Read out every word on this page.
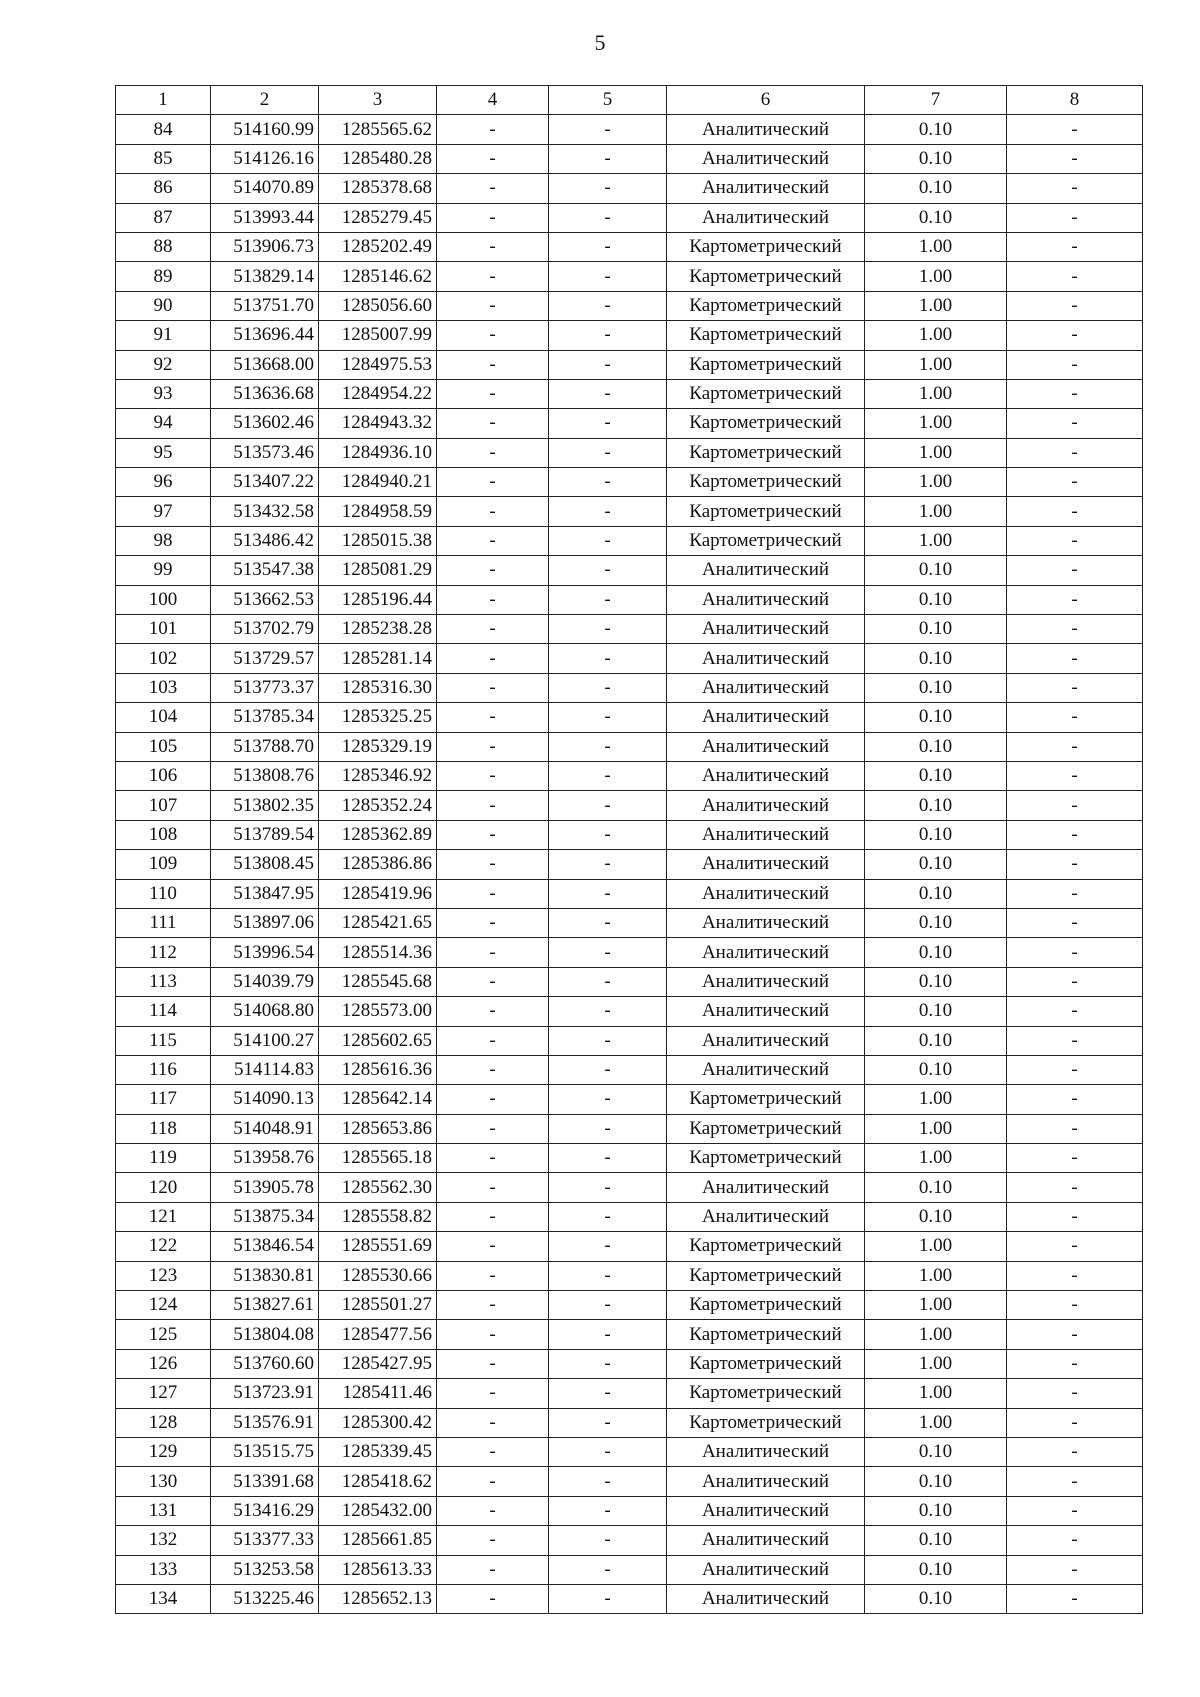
5
1	2	3	4	5	6	7	8
84	514160.99	1285565.62	-	-	Аналитический	0.10	-
85	514126.16	1285480.28	-	-	Аналитический	0.10	-
86	514070.89	1285378.68	-	-	Аналитический	0.10	-
87	513993.44	1285279.45	-	-	Аналитический	0.10	-
88	513906.73	1285202.49	-	-	Картометрический	1.00	-
89	513829.14	1285146.62	-	-	Картометрический	1.00	-
90	513751.70	1285056.60	-	-	Картометрический	1.00	-
91	513696.44	1285007.99	-	-	Картометрический	1.00	-
92	513668.00	1284975.53	-	-	Картометрический	1.00	-
93	513636.68	1284954.22	-	-	Картометрический	1.00	-
94	513602.46	1284943.32	-	-	Картометрический	1.00	-
95	513573.46	1284936.10	-	-	Картометрический	1.00	-
96	513407.22	1284940.21	-	-	Картометрический	1.00	-
97	513432.58	1284958.59	-	-	Картометрический	1.00	-
98	513486.42	1285015.38	-	-	Картометрический	1.00	-
99	513547.38	1285081.29	-	-	Аналитический	0.10	-
100	513662.53	1285196.44	-	-	Аналитический	0.10	-
101	513702.79	1285238.28	-	-	Аналитический	0.10	-
102	513729.57	1285281.14	-	-	Аналитический	0.10	-
103	513773.37	1285316.30	-	-	Аналитический	0.10	-
104	513785.34	1285325.25	-	-	Аналитический	0.10	-
105	513788.70	1285329.19	-	-	Аналитический	0.10	-
106	513808.76	1285346.92	-	-	Аналитический	0.10	-
107	513802.35	1285352.24	-	-	Аналитический	0.10	-
108	513789.54	1285362.89	-	-	Аналитический	0.10	-
109	513808.45	1285386.86	-	-	Аналитический	0.10	-
110	513847.95	1285419.96	-	-	Аналитический	0.10	-
111	513897.06	1285421.65	-	-	Аналитический	0.10	-
112	513996.54	1285514.36	-	-	Аналитический	0.10	-
113	514039.79	1285545.68	-	-	Аналитический	0.10	-
114	514068.80	1285573.00	-	-	Аналитический	0.10	-
115	514100.27	1285602.65	-	-	Аналитический	0.10	-
116	514114.83	1285616.36	-	-	Аналитический	0.10	-
117	514090.13	1285642.14	-	-	Картометрический	1.00	-
118	514048.91	1285653.86	-	-	Картометрический	1.00	-
119	513958.76	1285565.18	-	-	Картометрический	1.00	-
120	513905.78	1285562.30	-	-	Аналитический	0.10	-
121	513875.34	1285558.82	-	-	Аналитический	0.10	-
122	513846.54	1285551.69	-	-	Картометрический	1.00	-
123	513830.81	1285530.66	-	-	Картометрический	1.00	-
124	513827.61	1285501.27	-	-	Картометрический	1.00	-
125	513804.08	1285477.56	-	-	Картометрический	1.00	-
126	513760.60	1285427.95	-	-	Картометрический	1.00	-
127	513723.91	1285411.46	-	-	Картометрический	1.00	-
128	513576.91	1285300.42	-	-	Картометрический	1.00	-
129	513515.75	1285339.45	-	-	Аналитический	0.10	-
130	513391.68	1285418.62	-	-	Аналитический	0.10	-
131	513416.29	1285432.00	-	-	Аналитический	0.10	-
132	513377.33	1285661.85	-	-	Аналитический	0.10	-
133	513253.58	1285613.33	-	-	Аналитический	0.10	-
134	513225.46	1285652.13	-	-	Аналитический	0.10	-
